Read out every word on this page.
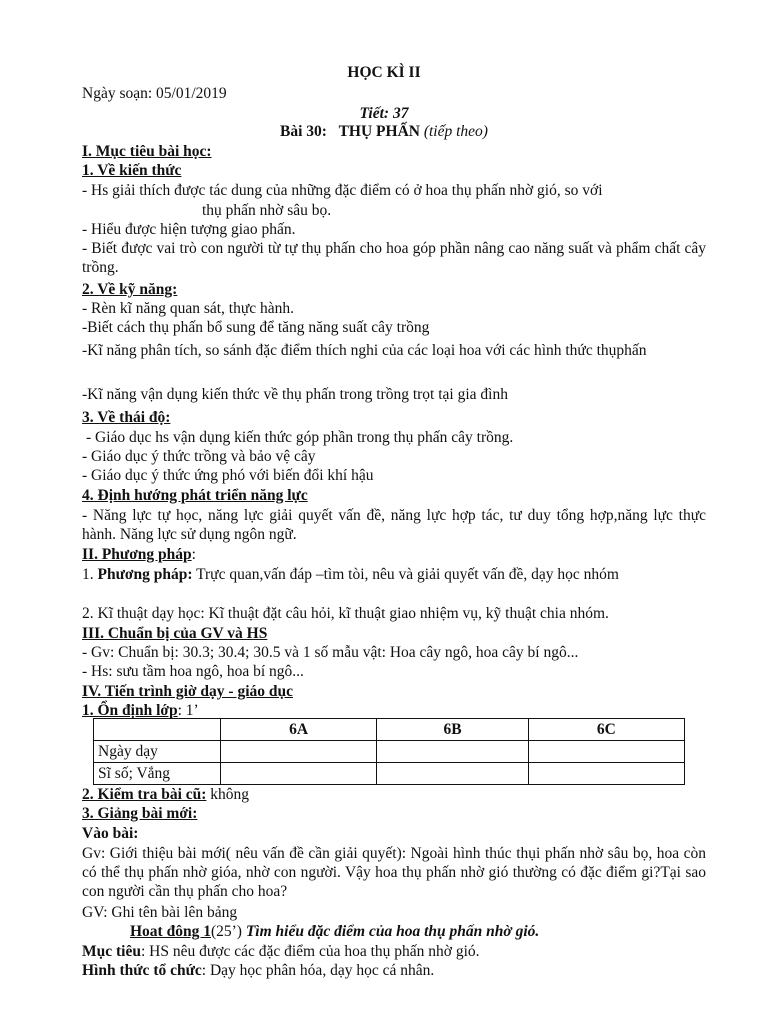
HỌC KÌ II
Ngày soạn: 05/01/2019
Tiết: 37
Bài 30: THỤ PHẤN (tiếp theo)
I. Mục tiêu bài học:
1. Về kiến thức
- Hs giải thích được tác dung của những đặc điểm có ở hoa thụ phấn nhờ gió, so với
thụ phấn nhờ sâu bọ.
- Hiểu được hiện tượng giao phấn.
- Biết được vai trò con người từ tự thụ phấn cho hoa góp phần nâng cao năng suất và phẩm chất cây trồng.
2. Về kỹ năng:
- Rèn kĩ năng quan sát, thực hành.
-Biết cách thụ phấn bổ sung để tăng năng suất cây trồng
-Kĩ năng phân tích, so sánh đặc điểm thích nghi của các loại hoa với các hình thức thụphấn
-Kĩ năng vận dụng kiến thức về thụ phấn trong trồng trọt tại gia đình
3. Về thái độ:
- Giáo dục hs vận dụng kiến thức góp phần trong thụ phấn cây trồng.
- Giáo dục ý thức trồng và bảo vệ cây
- Giáo dục ý thức ứng phó với biến đổi khí hậu
4. Định hướng phát triển năng lực
- Năng lực tự học, năng lực giải quyết vấn đề, năng lực hợp tác, tư duy tổng hợp,năng lực thực hành. Năng lực sử dụng ngôn ngữ.
II. Phương pháp:
1. Phương pháp: Trực quan,vấn đáp –tìm tòi, nêu và giải quyết vấn đề, dạy học nhóm
2. Kĩ thuật dạy học: Kĩ thuật đặt câu hỏi, kĩ thuật giao nhiệm vụ, kỹ thuật chia nhóm.
III. Chuẩn bị của GV và HS
- Gv: Chuẩn bị: 30.3; 30.4; 30.5 và 1 số mẫu vật: Hoa cây ngô, hoa cây bí ngô...
- Hs: sưu tầm hoa ngô, hoa bí ngô...
IV. Tiến trình giờ dạy - giáo dục
1. Ổn định lớp: 1’
	6A	6B	6C
Ngày dạy			
Sĩ số; Vắng			
2. Kiểm tra bài cũ: không
3. Giảng bài mới:
Vào bài:
Gv: Giới thiệu bài mới( nêu vấn đề cần giải quyết): Ngoài hình thúc thụi phấn nhờ sâu bọ, hoa còn có thể thụ phấn nhờ gióa, nhờ con người. Vậy hoa thụ phấn nhờ gió thường có đặc điểm gi?Tại sao con người cần thụ phấn cho hoa?
GV: Ghi tên bài lên bảng
Hoat đông 1(25’) Tìm hiểu đặc điểm của hoa thụ phấn nhờ gió.
Mục tiêu: HS nêu được các đặc điểm của hoa thụ phấn nhờ gió.
Hình thức tổ chức: Dạy học phân hóa, dạy học cá nhân.
